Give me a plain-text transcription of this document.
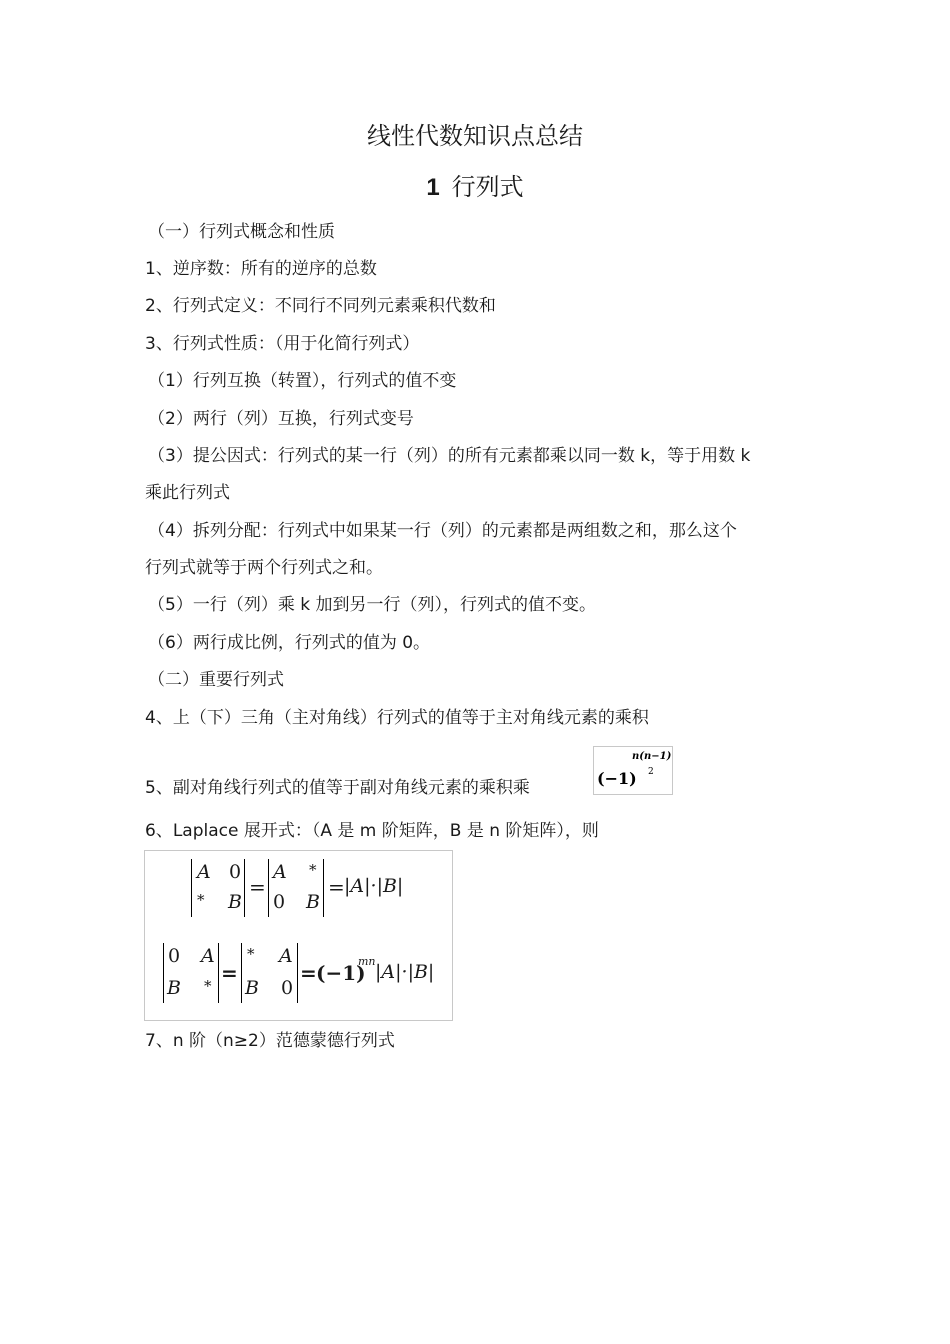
线性代数知识点总结
1 行列式
（一）行列式概念和性质
1、逆序数：所有的逆序的总数
2、行列式定义：不同行不同列元素乘积代数和
3、行列式性质：（用于化简行列式）
（1）行列互换（转置），行列式的值不变
（2）两行（列）互换，行列式变号
（3）提公因式：行列式的某一行（列）的所有元素都乘以同一数 k，等于用数 k
乘此行列式
（4）拆列分配：行列式中如果某一行（列）的元素都是两组数之和，那么这个
行列式就等于两个行列式之和。
（5）一行（列）乘 k 加到另一行（列），行列式的值不变。
（6）两行成比例，行列式的值为 0。
（二）重要行列式
4、上（下）三角（主对角线）行列式的值等于主对角线元素的乘积
5、副对角线行列式的值等于副对角线元素的乘积乘	(−1)
n(n−1)
2
6、Laplace 展开式：（A 是 m 阶矩阵，B 是 n 阶矩阵），则
A 0
* B
=
A *
0 B
= |A|·|B|
0 A
B *
=
* A
B 0
= (−1)
mn |A|·|B|
7、n 阶（n≥2）范德蒙德行列式
